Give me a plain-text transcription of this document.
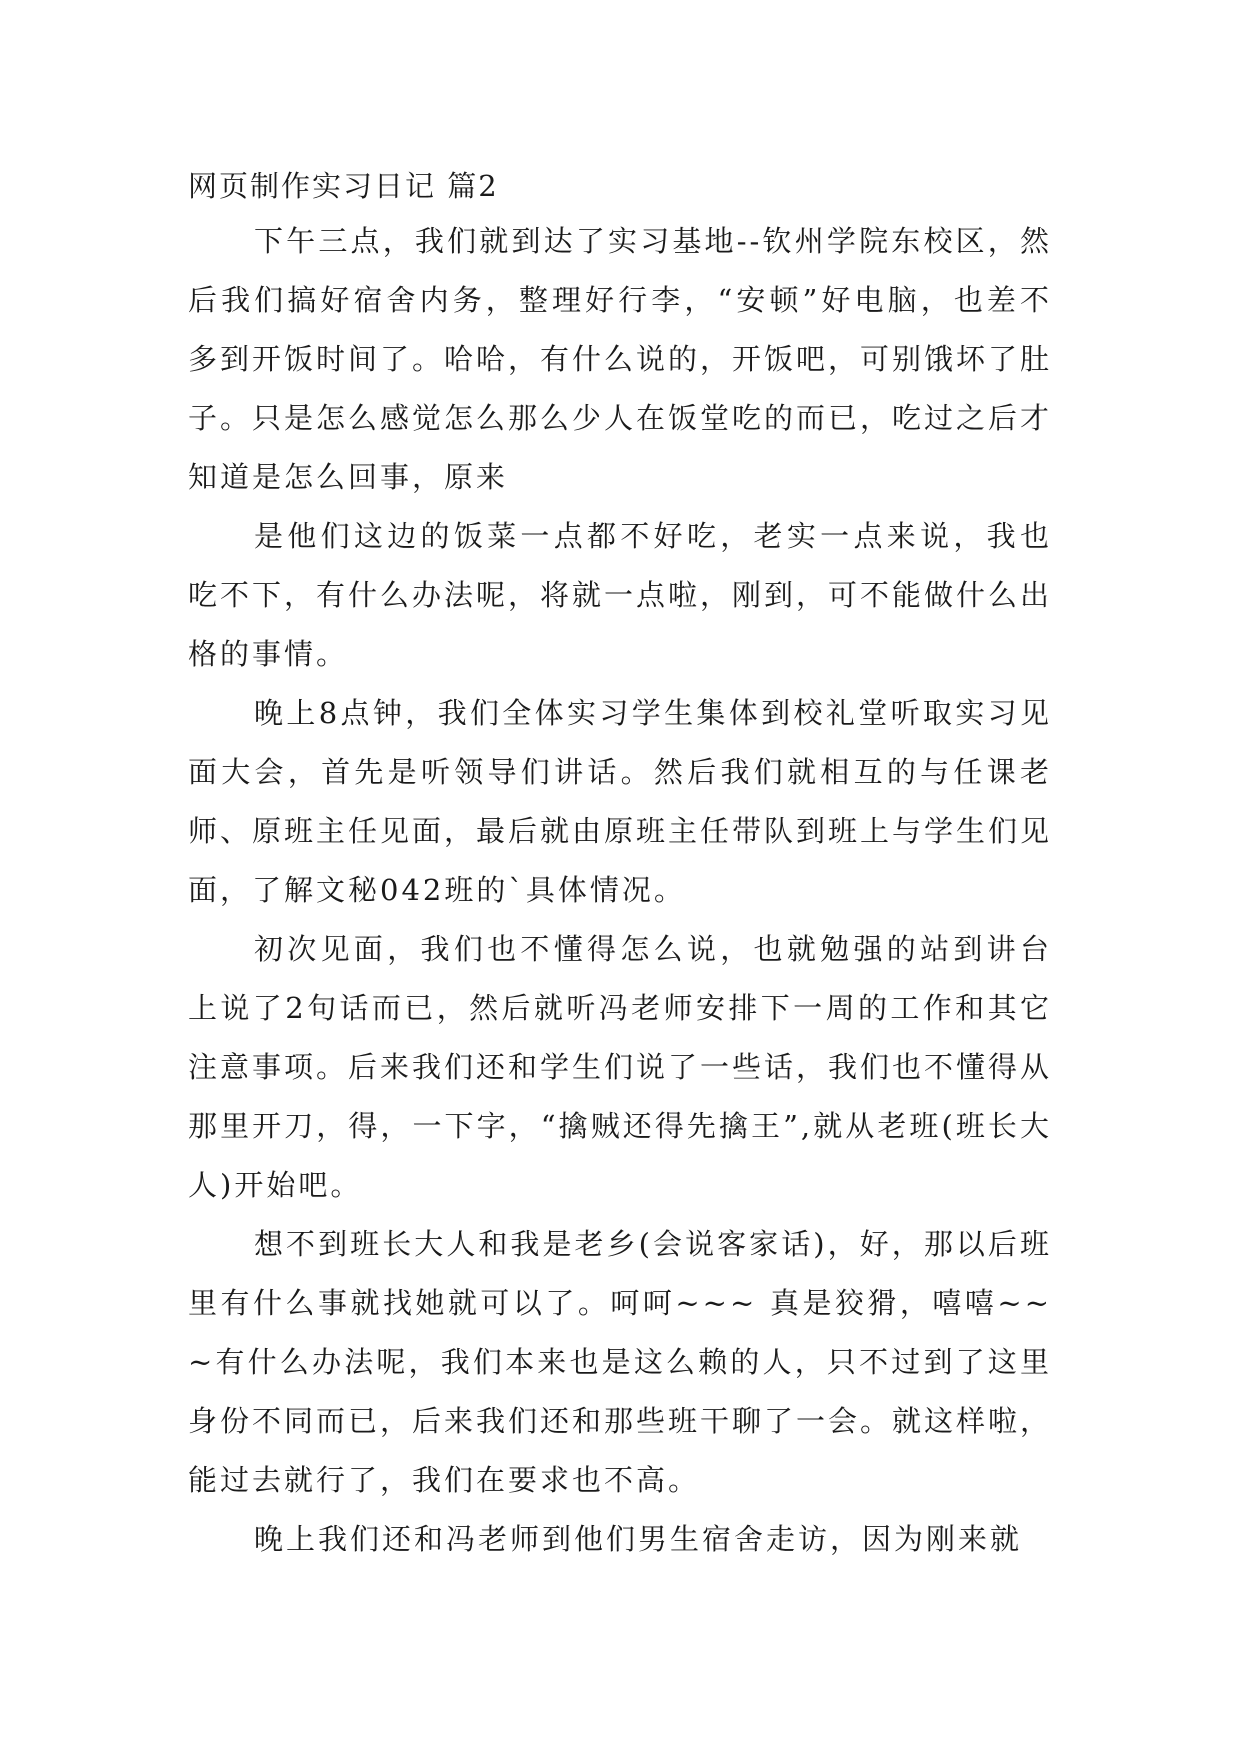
网页制作实习日记 篇2

下午三点，我们就到达了实习基地--钦州学院东校区，然后我们搞好宿舍内务，整理好行李，“安顿”好电脑，也差不多到开饭时间了。哈哈，有什么说的，开饭吧，可别饿坏了肚子。只是怎么感觉怎么那么少人在饭堂吃的而已，吃过之后才知道是怎么回事，原来

是他们这边的饭菜一点都不好吃，老实一点来说，我也吃不下，有什么办法呢，将就一点啦，刚到，可不能做什么出格的事情。

晚上8点钟，我们全体实习学生集体到校礼堂听取实习见面大会，首先是听领导们讲话。然后我们就相互的与任课老师、原班主任见面，最后就由原班主任带队到班上与学生们见面，了解文秘042班的`具体情况。

初次见面，我们也不懂得怎么说，也就勉强的站到讲台上说了2句话而已，然后就听冯老师安排下一周的工作和其它注意事项。后来我们还和学生们说了一些话，我们也不懂得从那里开刀，得，一下字，“擒贼还得先擒王”,就从老班(班长大人)开始吧。

想不到班长大人和我是老乡(会说客家话)，好，那以后班里有什么事就找她就可以了。呵呵~~~ 真是狡猾，嘻嘻~~~有什么办法呢，我们本来也是这么赖的人，只不过到了这里身份不同而已，后来我们还和那些班干聊了一会。就这样啦，能过去就行了，我们在要求也不高。

晚上我们还和冯老师到他们男生宿舍走访，因为刚来就
